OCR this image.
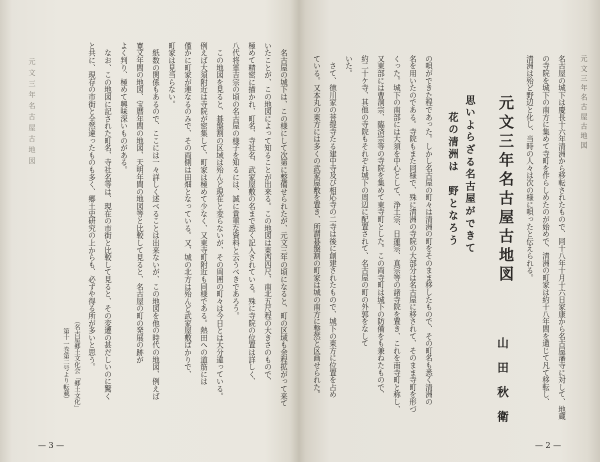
元文三年名古屋古地図
名古屋の城下は慶長十六年清洲から移転されたもので、同十八年十月十六日家康から名古屋藩寺に対して、地蔵
の寺院を城下の南方に集めて寺町を作らしめたのが始めで、清洲の町家は約十八年間を通じて凡て移転し、
清洲は殆ど野辺と化し、当時の人々は次の様に唄ったと伝えられる。
元文三年名古屋古地図
山田秋衛
思いよらざる名古屋ができて
花の清洲は　野となろう
の唄ができた程であった。しかし名古屋の町々は清洲の町をそのまま移したもので、その町名も悉く清洲の
名を用いたのである。寺院もまた同様で、殊に清洲の寺院の大部分は名古屋に移されて、そのまま寺町を形づ
くった。城下の南部には大須を中心として、浄土宗、日蓮宗、真宗等の諸寺院を置き、これを南寺町と称し、
又東部には曹洞宗、臨済宗等の寺院を集めて東寺町とした。この両寺町は城下の防備をも兼ねたもので、
約二十ケ寺、其他の寺院もそれぞれ城下の周辺に配置されて、名古屋の町の外郭をなして
いた。
　さて、徳川家の菩提寺たる建中寺及び相応寺の二寺は後に創建されたもので、城下の東方に位置を占め
ている。又本丸の東方には多くの武家屋敷を置き、所謂碁盤割の町家は城の南方に整然と区画せられた。
— 2 —
元文三年名古屋古地図	　名古屋の城下は、この様にして次第に整備せられたが、元文三年の頃になると、町の区域も余程拡がって来て
いたことが、この地図によって知ることが出来る。この地図は東西四尺、南北五尺程の大きさのもので、
極めて精密に描かれ、町名、寺社名、武家屋敷の名まで悉く記入されている。殊に寺院の位置は詳しく、
八代将軍吉宗の頃の名古屋の様子を知るには、誠に貴重な資料と云うべきであろう。
　この地図を見ると、碁盤割の区域は殆んど現在と変らないが、その周囲の町々は今日とは大分違っている。
例えば大須附近は寺院が密集して、町家は極めて少なく、又東寺町附近も同様である。熱田への道筋には
僅かに町家が連なるのみで、その両側は田畑となっている。又、城の北方は殆んど武家屋敷ばかりで、
町家は見当らない。
　紙数の関係もあるので、ここには一々詳しく述べることは出来ないが、この地図を他の時代の地図、例えば
寛文年間の地図、宝暦年間の地図、天明年間の地図等と比較して見ると、名古屋の町の発展の跡が
よく判り、極めて興味深いものがある。
　なお、この地図に記された町名、寺社名等は、現在の市街と比較して見ると、その変遷の甚だしいのに驚く
と共に、現存の市街と全然違ったものも多く、郷土史研究の上からも、必ずや得る所が多いと思う。
（名古屋郷土文化会「郷土文化」
第十一巻第二号より転載）
— 3 —
